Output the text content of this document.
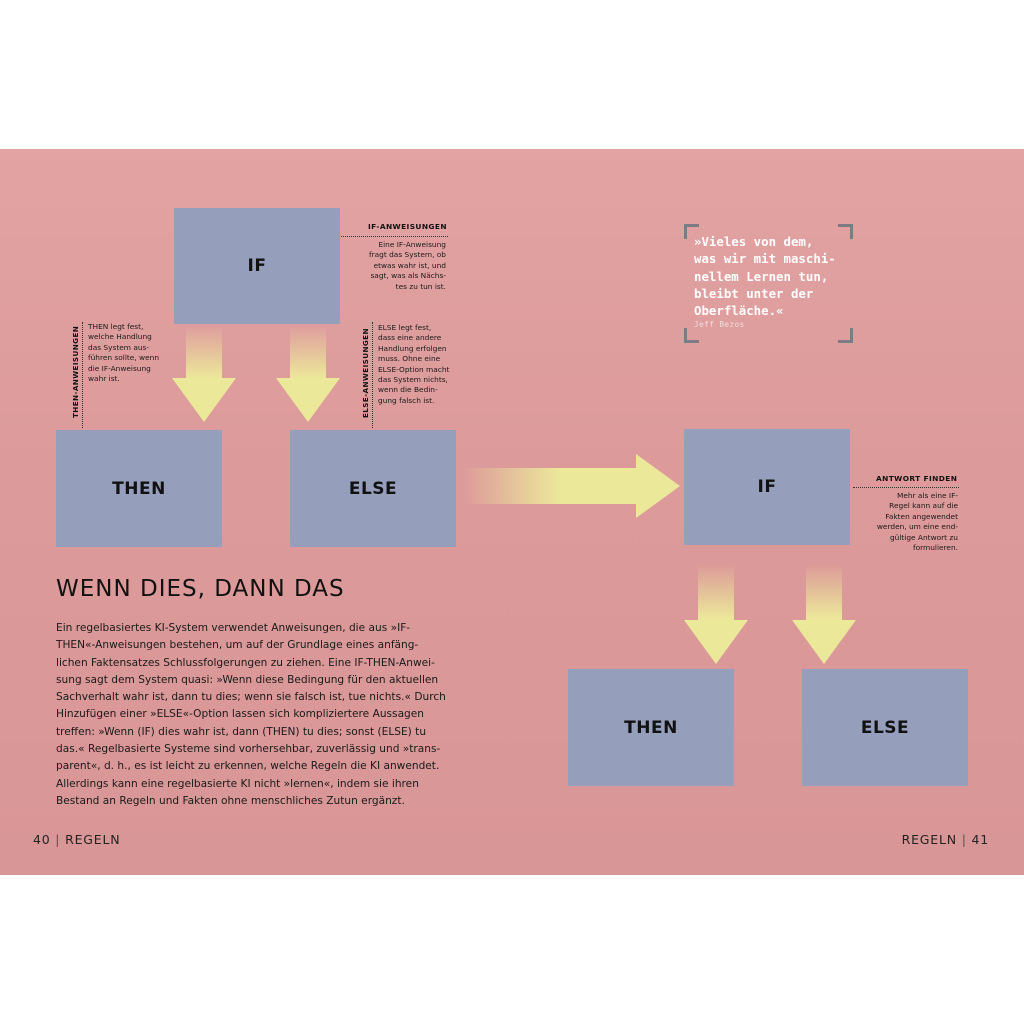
IF
THEN	ELSE	IF
THEN	ELSE
IF-ANWEISUNGEN
Eine IF-Anweisung
fragt das System, ob
etwas wahr ist, und
sagt, was als Nächs-
tes zu tun ist.
THEN-ANWEISUNGEN THEN legt fest,
welche Handlung
das System aus-
führen sollte, wenn
die IF-Anweisung
wahr ist.	ELSE-ANWEISUNGEN
ELSE legt fest,
dass eine andere
Handlung erfolgen
muss. Ohne eine
ELSE-Option macht
das System nichts,
wenn die Bedin-
gung falsch ist.
ANTWORT FINDEN
Mehr als eine IF-
Regel kann auf die
Fakten angewendet
werden, um eine end-
gültige Antwort zu
formulieren.
»Vieles von dem,
was wir mit maschi-
nellem Lernen tun,
bleibt unter der
Oberfläche.«
Jeff Bezos
WENN DIES, DANN DAS
Ein regelbasiertes KI-System verwendet Anweisungen, die aus »IF-
THEN«-Anweisungen bestehen, um auf der Grundlage eines anfäng-
lichen Faktensatzes Schlussfolgerungen zu ziehen. Eine IF-THEN-Anwei-
sung sagt dem System quasi: »Wenn diese Bedingung für den aktuellen
Sachverhalt wahr ist, dann tu dies; wenn sie falsch ist, tue nichts.« Durch
Hinzufügen einer »ELSE«-Option lassen sich kompliziertere Aussagen
treffen: »Wenn (IF) dies wahr ist, dann (THEN) tu dies; sonst (ELSE) tu
das.« Regelbasierte Systeme sind vorhersehbar, zuverlässig und »trans-
parent«, d. h., es ist leicht zu erkennen, welche Regeln die KI anwendet.
Allerdings kann eine regelbasierte KI nicht »lernen«, indem sie ihren
Bestand an Regeln und Fakten ohne menschliches Zutun ergänzt.
40 | REGELN	REGELN | 41
